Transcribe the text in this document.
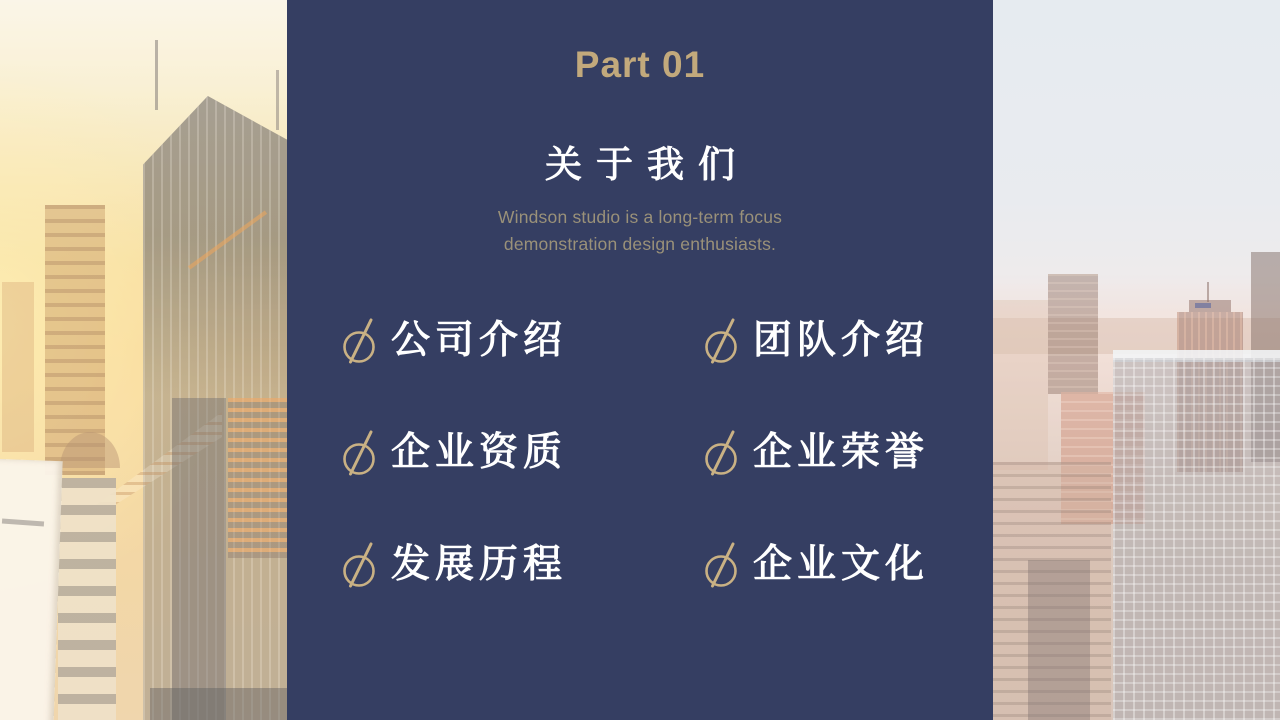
Part 01
关于我们

Windson studio is a long-term focus
demonstration design enthusiasts.

公司介绍	团队介绍
企业资质	企业荣誉
发展历程	企业文化
